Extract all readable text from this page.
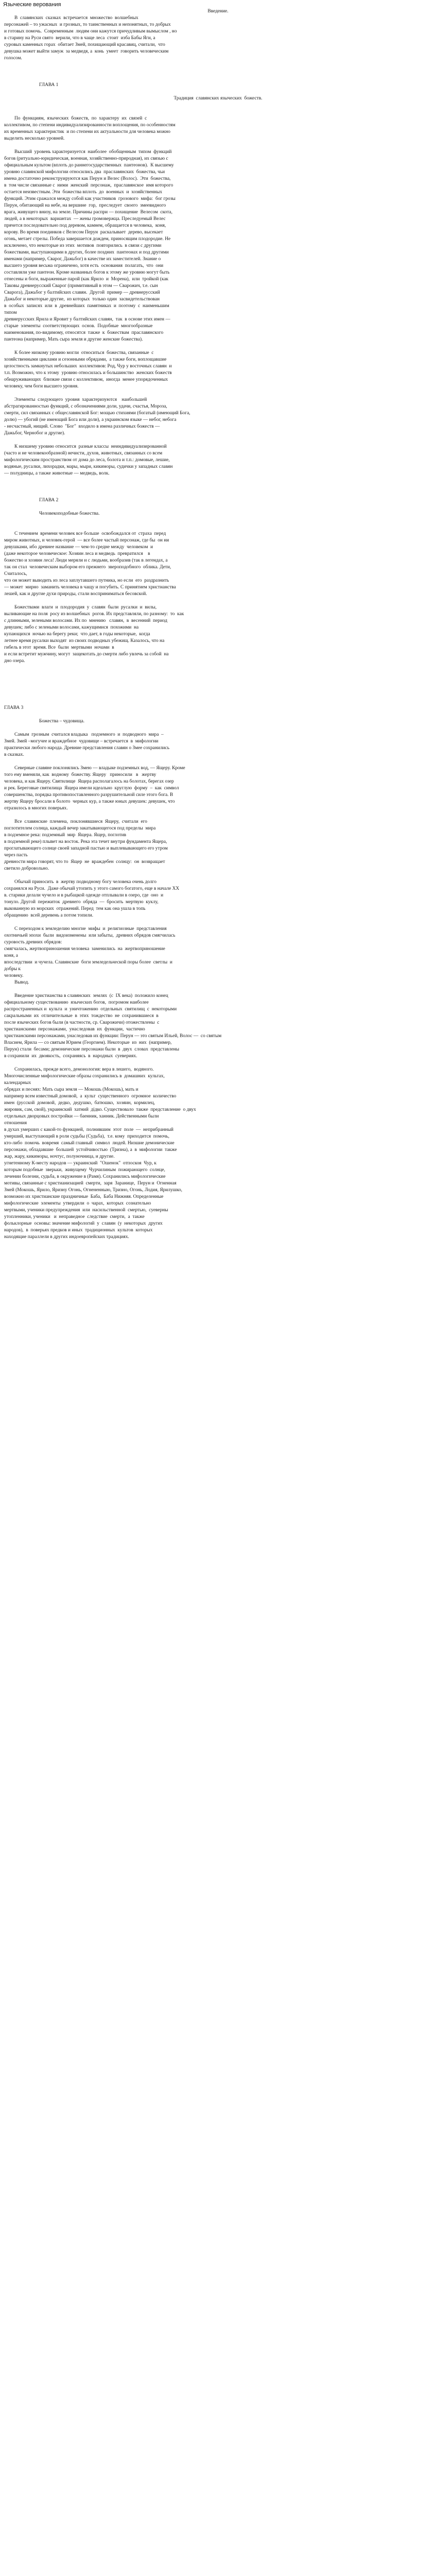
Языческие верования
Введение.
В  славянских  сказках  встречается  множество  волшебных
персонажей – то ужасных  и грозных, то таинственных и непонятных, то добрых
и готовых помочь.  Современным  людям они кажутся причудливым вымыслом , но
в старину на Руси свято  верили, что в чаще леса  стоит  изба Бабы Яги, а
суровых каменных горах  обитает Змей, похищающий красавиц, считали,  что
девушка может выйти замуж  за медведя, а  конь  умеет  говорить человеческим
голосом.
ГЛАВА 1
Традиция  славянских языческих  божеств.
По  функциям,  языческих  божеств,  по  характеру  их  связей  с
коллективом, по степени индивидуализированности воплощения, по особенностям
их временных характеристик  и по степени их актуальности для человека можно
выделить несколько уровней.
Высший  уровень характеризуется  наиболее  обобщенным  типом  функций
богов (ритуально-юридическая, военная, хозяйственно-природная), их связью с
официальным культом (вплоть до раннегосударственных  пантеонов).  К высшему
уровню славянской мифологии относились два  праславянских  божества, чьи
имена достаточно реконструируются как Перун и Велес (Волос).  Эти  божества,
в  том числе связанные с  ними  женский  персонаж,  праславянское  имя которого
остается неизвестным. Эти  божества вплоть  до  военных  и  хозяйственных
функций. Этим сражался между собой как участников  грозового  мифа:  бог грозы
Перун, обитающий на небе, на вершине  гор,  преследует  своего  змеевидного
врага, живущего внизу, на земле. Причины распри — похищение  Велесом  скота,
людей, а в некоторых  вариантах  — жены громовержца. Преследуемый Велес
прячется последовательно под деревом, камнем, обращается в человека,  коня,
корову. Во время поединков с Велесом Перун  раскалывает  дерево, высекает
огонь, метает стрелы. Победа завершается дождем, приносящим плодородие. Не
исключено, что некоторые из этих  мотивов  повторились  в связи с другими
божествами, выступающими в других, более поздних  пантеонах и под другими
именами (например, Сварог, Дажьбог) в качестве их заместителей. Знание о
высшего уровня весьма ограничено, хотя есть  основания  полагать,  что  они
составляли уже пантеон. Кроме названных богов к этому же уровню могут быть
отнесены и боги, выраженные парой (как Ярило  и  Морена),  или  тройкой (как
Таковы древнерусский Сварог (примитивный в этом — Сварожич, т.е. сын
Сварога), Дажьбог у балтийских славян.  Другой  пример — древнерусский
Дажьбог и некоторые другие,  из которых  только один  засвидетельствован
в  особых  записях  или  в  древнейших  памятниках  и  поэтому  с  наименьшим
типом
древнерусских Ярила и Яровит у балтийских славян,  так  в основе этих имен —
старые  элементы  соответствующих  основ.  Подобные  многообразные
наименования, по-видимому, относятся  также  к  божествам  праславянского
пантеона (например, Мать сыра земля и другие женские божества).
К более низкому уровню могли  относиться  божества, связанные  с
хозяйственными циклами и сезонными обрядами,  а также боги, воплощавшие
целостность замкнутых небольших  коллективов: Род, Чур у восточных славян  и
т.п. Возможно, что к этому  уровню относилась и большинство  женских божеств
обнаруживающих  близкие связи с коллективом,  иногда  менее упорядоченных
человеку, чем боги высшего уровня.
Элементы  следующего  уровня  характеризуются    наибольшей
абстрагированностью функций, с обозначениями доли, удачи, счастья, Мороза,
смерти, сил связанных с общеславянской Бог: мощью стихиями (богатый (имеющий Бога,
долю) — убогий (не имеющий Бога или доли), а украинском языке — небог, небога
- несчастный, нищий. Слово  "Бог"  входило в имена различных божеств —
Дажьбог, Чернобог и другие).
К низшему уровню относится  разные классы  неиндивидуализированной
(часто и не человекообразной) нечисти, духов, животных, связанных со всем
мифологическим пространством от дома до леса, болота и т.п.: домовые, лешие,
водяные, русалки, лихорадки, мары, мыри, кикиморы, судички у западных славян
— полудницы, а также животные — медведь, волк.
ГЛАВА 2
Человекоподобные божества.
С течением  времени человек все больше  освобождался от  страха  перед
миром животных, и человек-герой  — все более частый персонаж, где бы  он ни
девушками, ибо древнее название — чем-то средне между  человеком  и
(даже некоторое человеческое: Хозяин леса и медведь  превратился    в
божество и хозяин леса! Люди меряли и с людьми, вообразив (так в легендах, а
так он стал  человеческим выбором его прежнего  звероподобного  облика. Дети,
Считалось,
что он может выводить из леса заплутавшего путника, но если  его  раздразнить
— может  мирно  заманить человека в чащу и погубить. С принятием христианства
лешей, как и другие духи природы, стали восприниматься бесовской.
Божествами  влаги  и  плодородия  у  славян  были  русалки  и  вилы,
выливающие на поля  росу из волшебных  рогов. Их представляли, по разному:  то  как
с длинными, зелеными волосами. Их по  мнению   славян,  в  весенний  период
девушек; либо с зелеными волосами, кажущимися  похожими  на
купающихся  ночью на берегу реки;  что дает, в годы некоторые,  когда
летнее время русалки выходят  из своих подводных убежищ. Казалось, что на
гибель в этот  время. Все  были  мертвыми  ночами  в
и если встретит мужчину, могут  защекотать до смерти либо увлечь за собой  на
дно озера.
ГЛАВА 3
Божества – чудовища.
Самым  грозным  считался владыка   подземного  и  подводного  мира  –
Змей. Змей –могучее и враждебное  чудовище – встречается  в  мифологии
практически любого народа. Древние представления славян о Змее сохранились
в сказках.
Северные славяне поклонялись Змею — владыке подземных вод, — Ящеру. Кроме
того ему вменяли, как  водному  божеству. Ящеру   приносили   в   жертву
человека, и как Ящеру. Святилище  Ящера располагалось на болотах, берегах озер
и рек. Береговые святилища  Ящера имели идеально  круглую  форму  –  как  символ
совершенства, порядка противопоставленного разрушительной силе этого бога. В
жертву Ящеру бросали в болото  черных кур, а также юных девушек: девушек, что
отразилось в многих поверьях.
Все  славянские  племена,  поклонявшиеся  Ящеру,  считали  его
поглотителем солнца, каждый вечер закатывающегося под пределы  мира
в подземное река: подземный  мир  Ящера. Ящер, поглотив
в подземной реке) плывет на восток. Река эта течет внутри фундамента Ящера,
проглатывающего солнце своей западной пастью и выплевывающего его утром
через пасть
древности мира говорят, что то  Ящер  не  враждебен  солнцу:  он  возвращает
светило добровольно.
Обычай приносить  в  жертву подводному богу человека очень долго
сохранялся на Руси.  Даже обычай утопить у этого самого богатого, еще в начале XX
в. старики делали чучело и в рыбацкой одежде отплывали в озеро, где  оно  и
тонуло. Другой  пережиток  древнего  обряда  —  бросить  мертвую  куклу,
выкованную из морских  отражений. Перед  тем как она ушла в топь
обращению  всей деревень а потом топили.
С переходом к земледелию многие  мифы  и  религиозные  представления
охотничьей эпохи  были  видоизменены  или забыты,  древних обрядов смягчилась
суровость древних обрядов:
смягчалась, жертвоприношения человека  заменились  на  жертвоприношение
коня, а
впоследствии  и чучела. Славянские  боги земледельческой поры более  светлы  и
добры к
человеку.
Вывод.
Введение христианства в славянских  землях  (с  IX века)  положило конец
официальному существованию  языческих богов,  погромом наиболее
распространенных и  культа  и  уничтожению  отдельных  святилищ  с  некоторыми
сакральными  их  отличительные  в  этих  тождество  не  сохранившиеся  в
после языческих богов были (в частности, ср. Сварожичи) отожествлены  с
христианскими  персонажами,  унаследовав  их  функции,  частично
христианскими персонажами, унаследовав их функции: Перун — это святым Ильей, Волос —  со святым
Власием, Ярила — со святым Юрием (Георгием). Некоторые  из  них  (например,
Перун) стали  бесами; демонические персонажи были  в  двух  словах  представлены
в сохранили  их  двоякость,  сохраняясь  в  народных  суевериях.
Сохранилась, прежде всего, демонология: вера в лешего,  водяного.
Многочисленные мифологические образы сохранились в  домашних  культах,
календарных
обрядах и песнях: Мать сыра земля — Мокошь (Мокошь), мать и
например всем известный домовой,  а  культ  существенного  огромное  количество
имен  (русской  домовой,  дедко,  дедушко,  батюшко,  хозяин,  кормилец,
жировик, сам, свой), украинский  хатний  дідко. Существовало  также  представление  о двух
отдельных дворцовых постройки — баенник, ханник. Действенными были
отношения
в духах умерших с какой-то функцией,  полнившим  этот  поле  —  неприбранный
умерший, выступающий в роли судьбы (Судьба),  т.е. кому  приходится  помочь,
кто-либо  помочь  вовремя  самый главный  символ  людей. Низшие демонические
персонажи, обладавшие  большей  устойчивостью  (Тризна), а  в  мифологии  также
жар, жару, кикиморы, ночтус, полуночница, и другие.
угнетенному К-месту народов — украинский  "Ошенок"  отпоскоя  Чур, к
которым подобные  зверьки,  живущему  Чурчилиным  пожирающего  солнце,
лечении болезни, судьба, в окружение в (Рамя). Сохранились мифологические
мотивы, связанные с христианизацией  смерти,  заря  Заранице,  Перун и  Огненная
Змей (Мокошь, Ярило, Яризну Огонь, Огнененныю, Тризно, Огонь, Лодия, Ярилушко,
возможно их христианские праздничные  Баба,  Баба Нижняя. Определенные
мифологические  элементы  утвердили  о  чарах,  которых  сознательно
мертвыми, ученики предупреждения  или  насильственной  смертью,  суеверны
утопленники, ученики   и  неправедное  следствие  смерти,  а  также
фольклорные  основы: значение мифологий  у  славян  (у  некоторых  других
народов),  в  поверьях предков и иных  традиционных  культов  которых
находящие параллели в других индоевропейских традициях.
